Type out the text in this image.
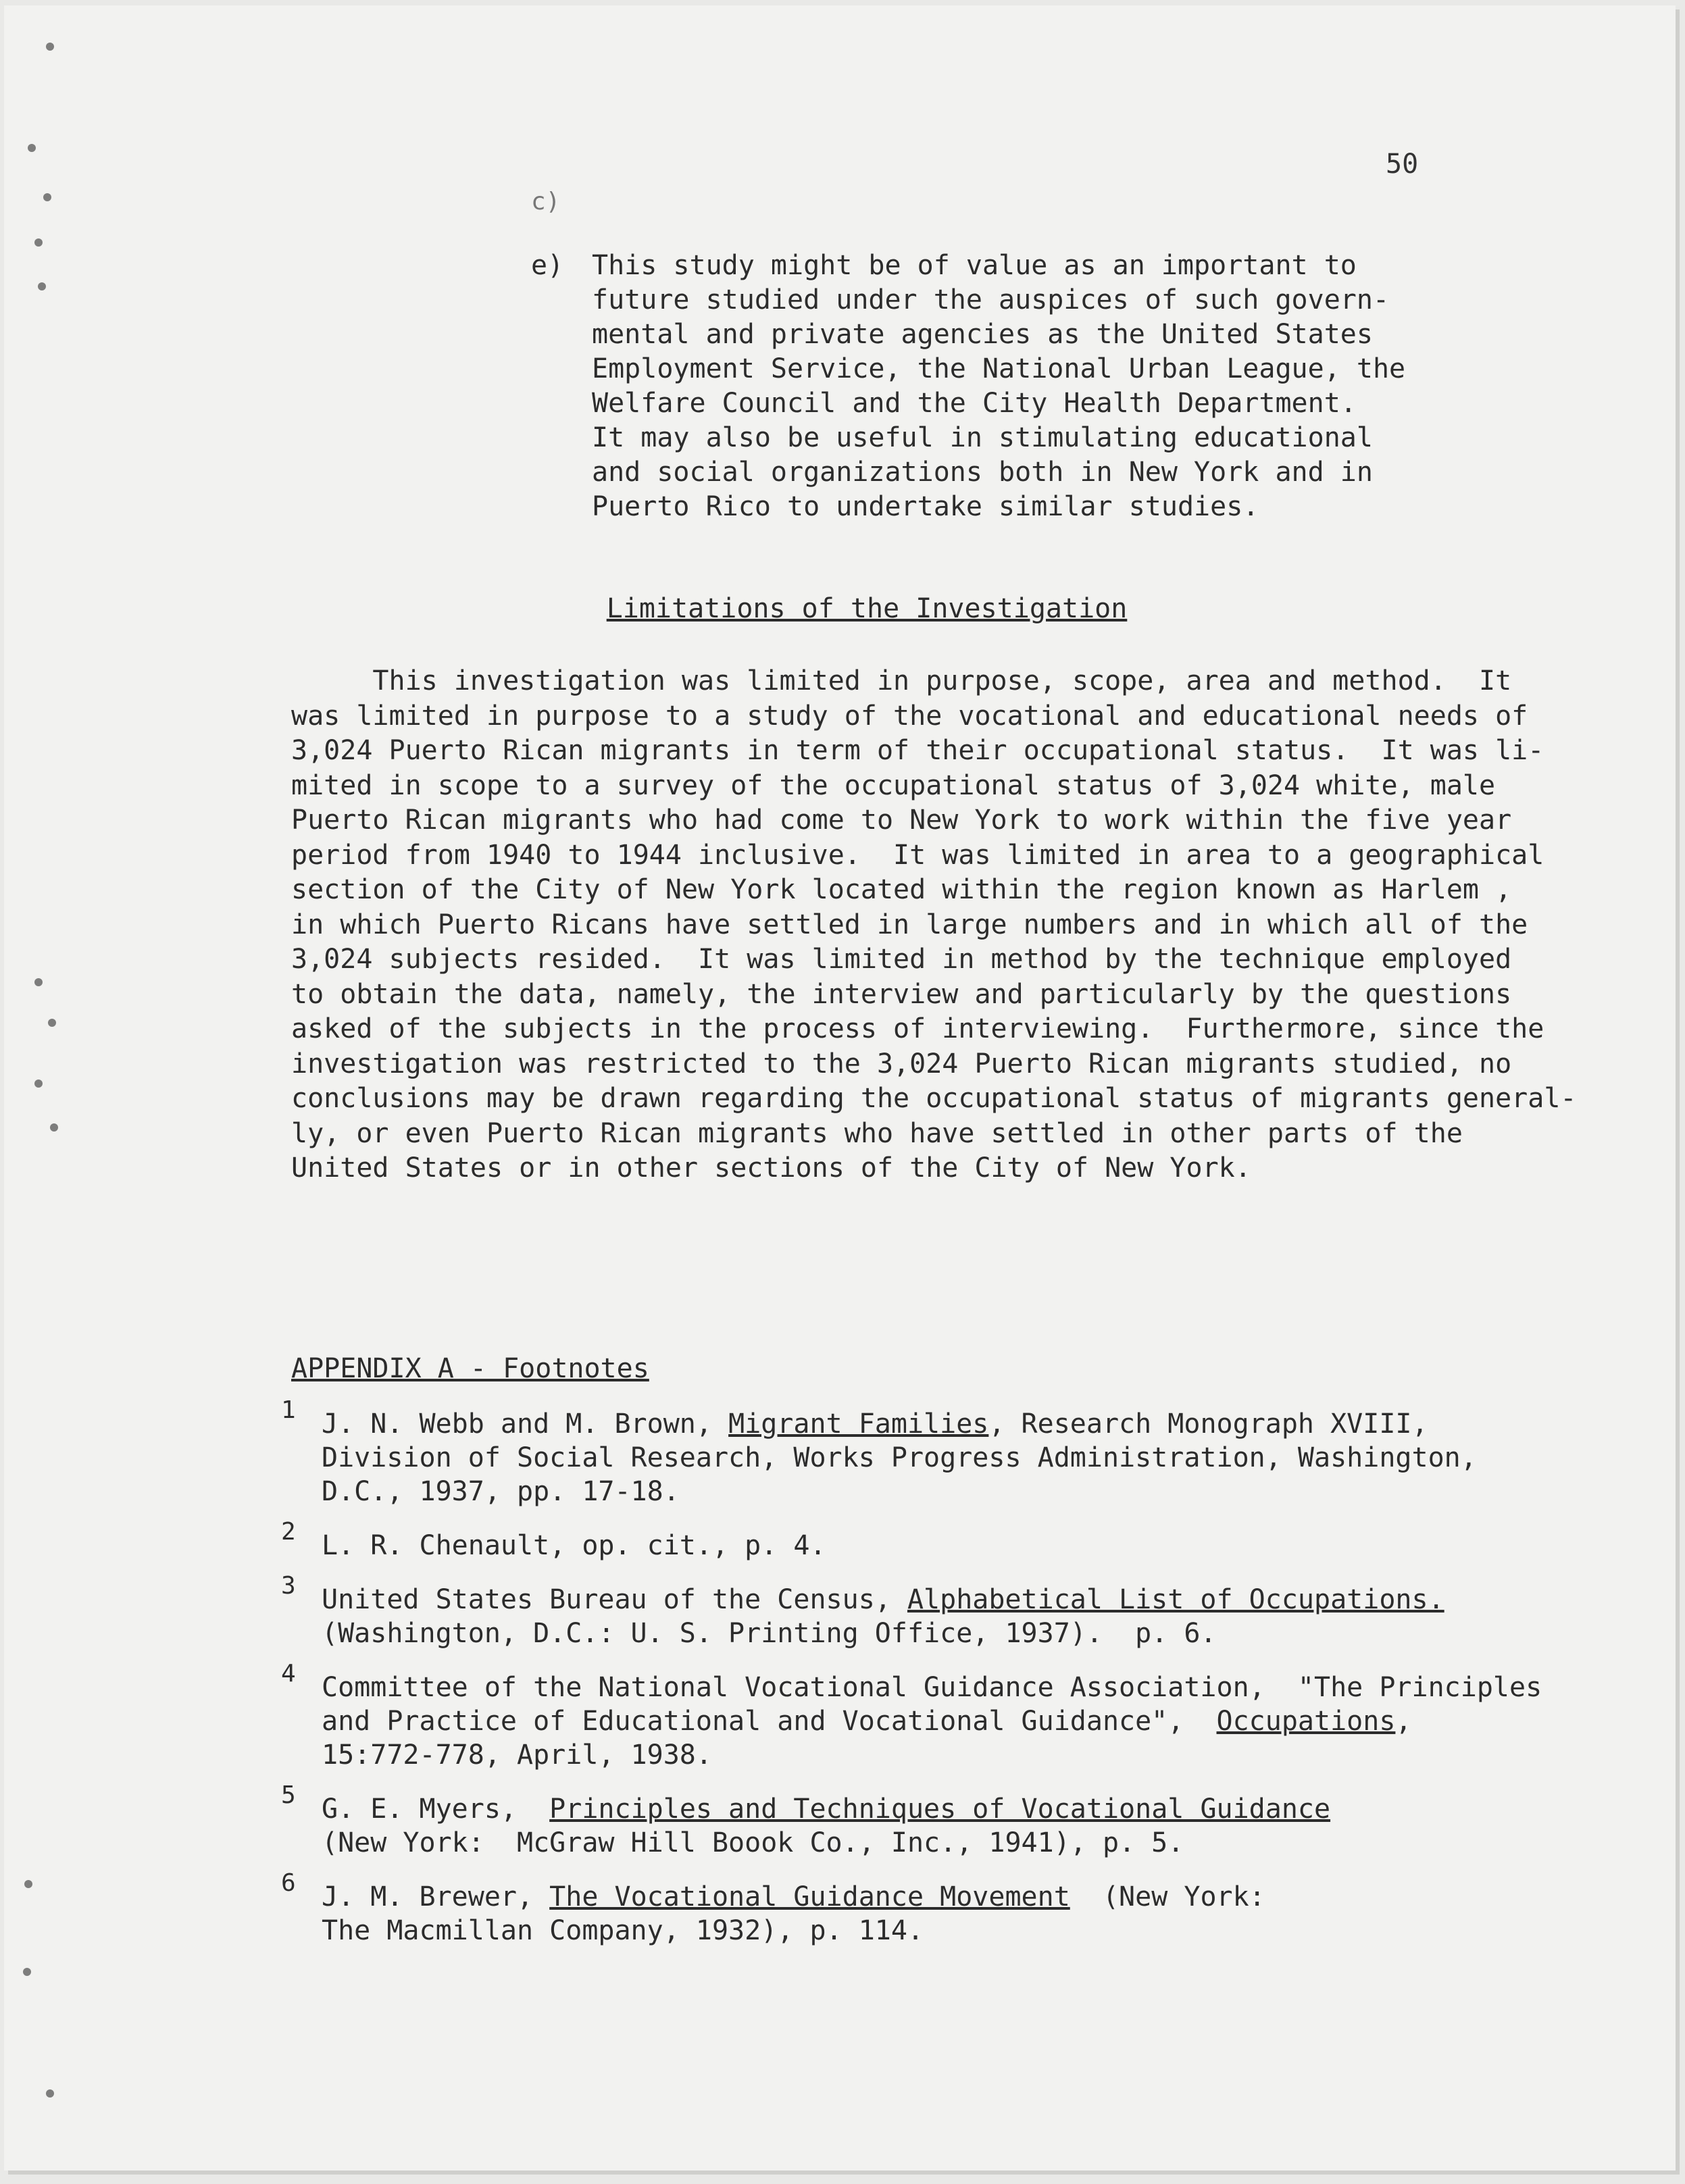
50
c)
e)	This study might be of value as an important to
future studied under the auspices of such govern-
mental and private agencies as the United States
Employment Service, the National Urban League, the
Welfare Council and the City Health Department.
It may also be useful in stimulating educational
and social organizations both in New York and in
Puerto Rico to undertake similar studies.
Limitations of the Investigation
This investigation was limited in purpose, scope, area and method.  It
was limited in purpose to a study of the vocational and educational needs of
3,024 Puerto Rican migrants in term of their occupational status.  It was li-
mited in scope to a survey of the occupational status of 3,024 white, male
Puerto Rican migrants who had come to New York to work within the five year
period from 1940 to 1944 inclusive.  It was limited in area to a geographical
section of the City of New York located within the region known as Harlem ,
in which Puerto Ricans have settled in large numbers and in which all of the
3,024 subjects resided.  It was limited in method by the technique employed
to obtain the data, namely, the interview and particularly by the questions
asked of the subjects in the process of interviewing.  Furthermore, since the
investigation was restricted to the 3,024 Puerto Rican migrants studied, no
conclusions may be drawn regarding the occupational status of migrants general-
ly, or even Puerto Rican migrants who have settled in other parts of the
United States or in other sections of the City of New York.
APPENDIX A - Footnotes
1 J. N. Webb and M. Brown, Migrant Families, Research Monograph XVIII,
Division of Social Research, Works Progress Administration, Washington,
D.C., 1937, pp. 17-18.
2 L. R. Chenault, op. cit., p. 4.
3 United States Bureau of the Census, Alphabetical List of Occupations.
(Washington, D.C.: U. S. Printing Office, 1937).  p. 6.
4 Committee of the National Vocational Guidance Association,  "The Principles
and Practice of Educational and Vocational Guidance",  Occupations,
15:772-778, April, 1938.
5 G. E. Myers,  Principles and Techniques of Vocational Guidance
(New York:  McGraw Hill Boook Co., Inc., 1941), p. 5.
6 J. M. Brewer, The Vocational Guidance Movement  (New York:
The Macmillan Company, 1932), p. 114.
